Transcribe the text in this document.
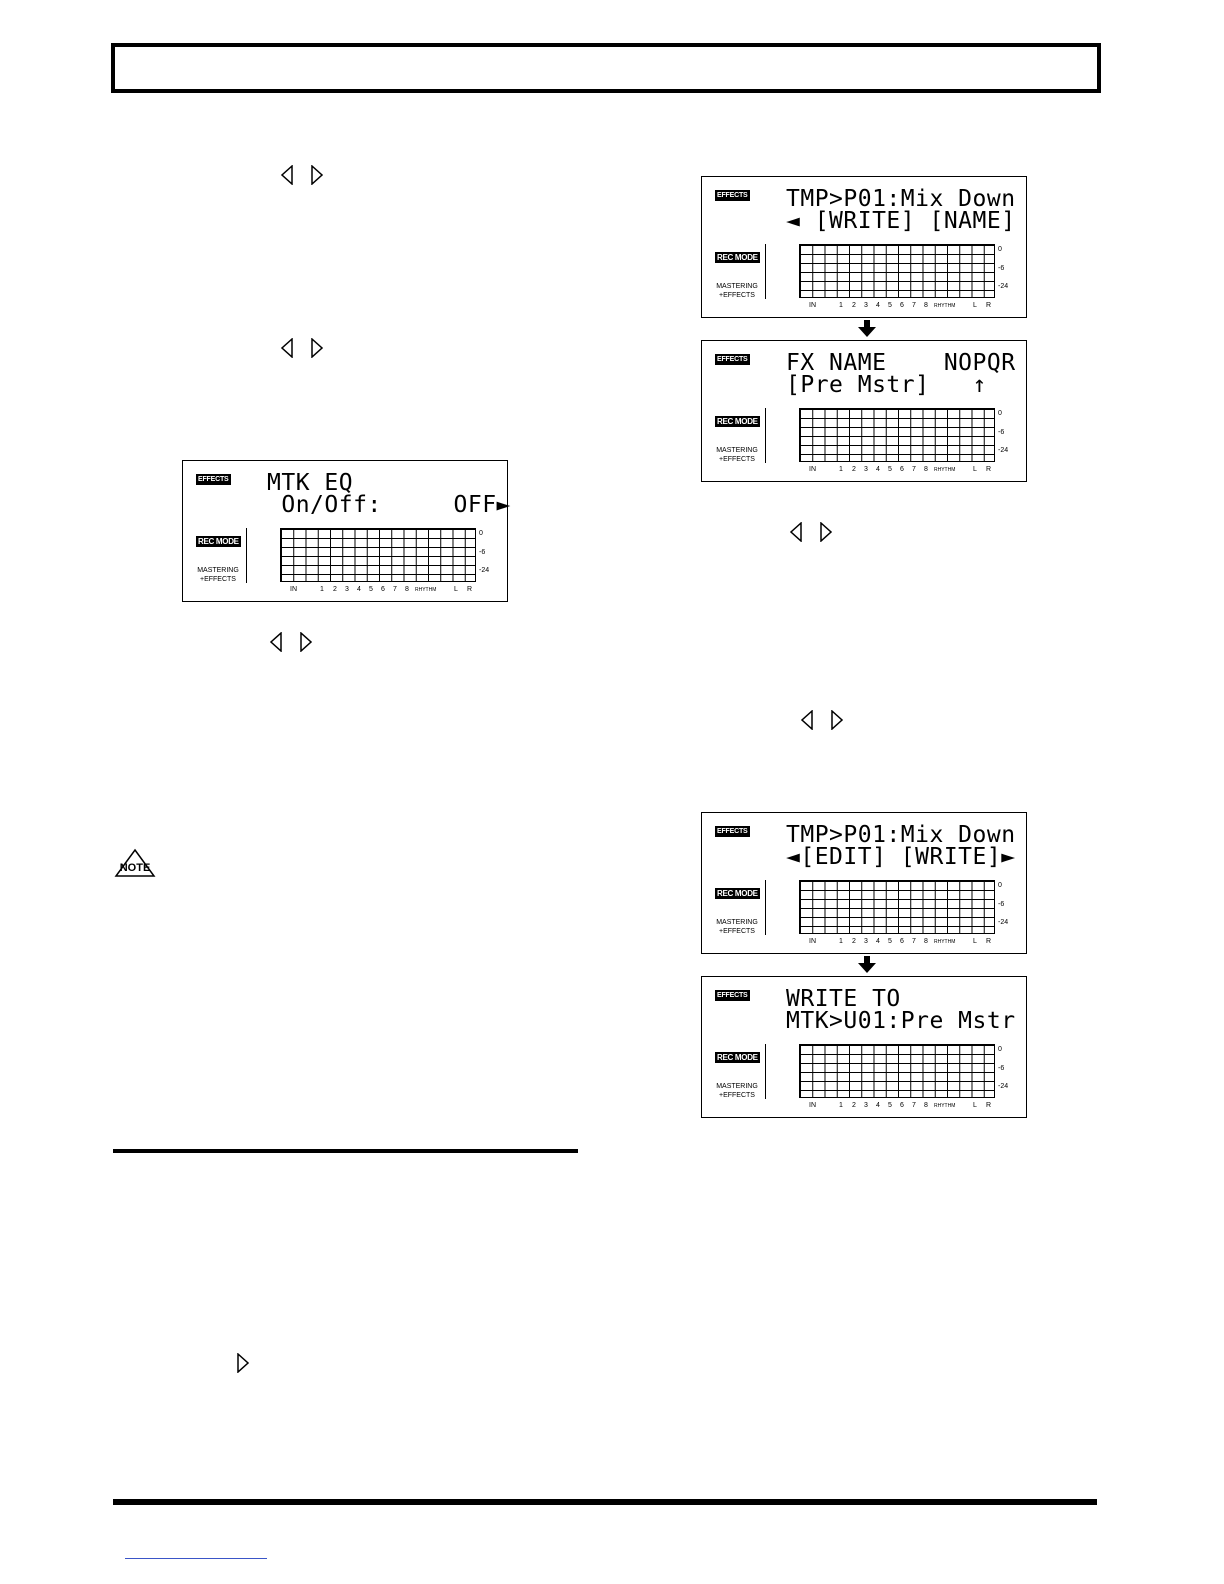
EFFECTS TMP>P01:Mix Down
◄ [WRITE] [NAME]
REC MODE
MASTERING
+EFFECTS
0
-6
-24
IN	1 2 3 4 5 6 7 8 RHYTHM	L R
EFFECTS FX NAME    NOPQR
[Pre Mstr]   ↑
REC MODE
MASTERING
+EFFECTS
0
-6
-24
IN	1 2 3 4 5 6 7 8 RHYTHM	L R
EFFECTS MTK EQ
On/Off:     OFF►
REC MODE
MASTERING
+EFFECTS
0
-6
-24
IN	1 2 3 4 5 6 7 8 RHYTHM	L R
NOTE
EFFECTS TMP>P01:Mix Down
◄[EDIT] [WRITE]►
REC MODE
MASTERING
+EFFECTS
0
-6
-24
IN	1 2 3 4 5 6 7 8 RHYTHM	L R
EFFECTS WRITE TO
MTK>U01:Pre Mstr
REC MODE
MASTERING
+EFFECTS
0
-6
-24
IN	1 2 3 4 5 6 7 8 RHYTHM	L R
